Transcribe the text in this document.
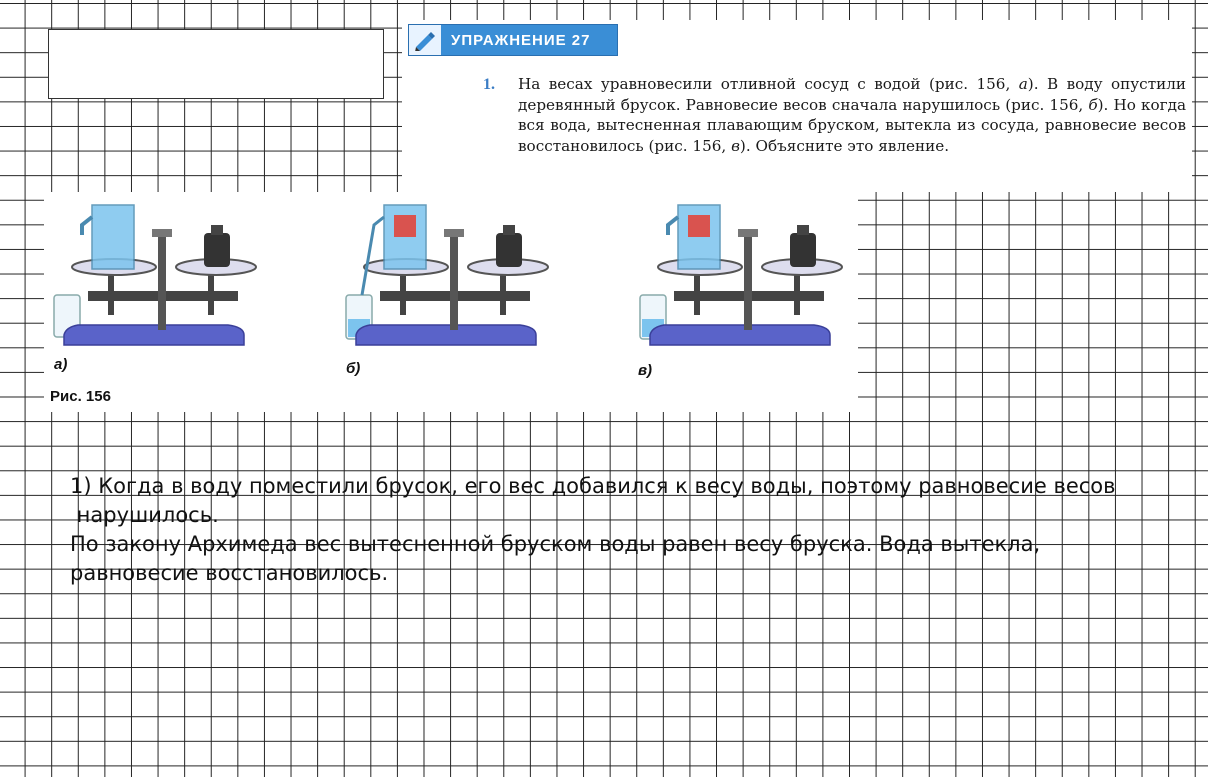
УПРАЖНЕНИЕ 27
1. На весах уравновесили отливной сосуд с водой (рис. 156, а). В воду опустили деревянный брусок. Равновесие весов сначала нарушилось (рис. 156, б). Но когда вся вода, вытесненная плавающим бруском, вытекла из сосуда, равновесие весов восстановилось (рис. 156, в). Объясните это явление.
а)	б)	в)
Рис. 156
1) Когда в воду поместили брусок, его вес добавился к весу воды, поэтому равновесие весов
нарушилось.
По закону Архимеда вес вытесненной бруском воды равен весу бруска. Вода вытекла,
равновесие восстановилось.
